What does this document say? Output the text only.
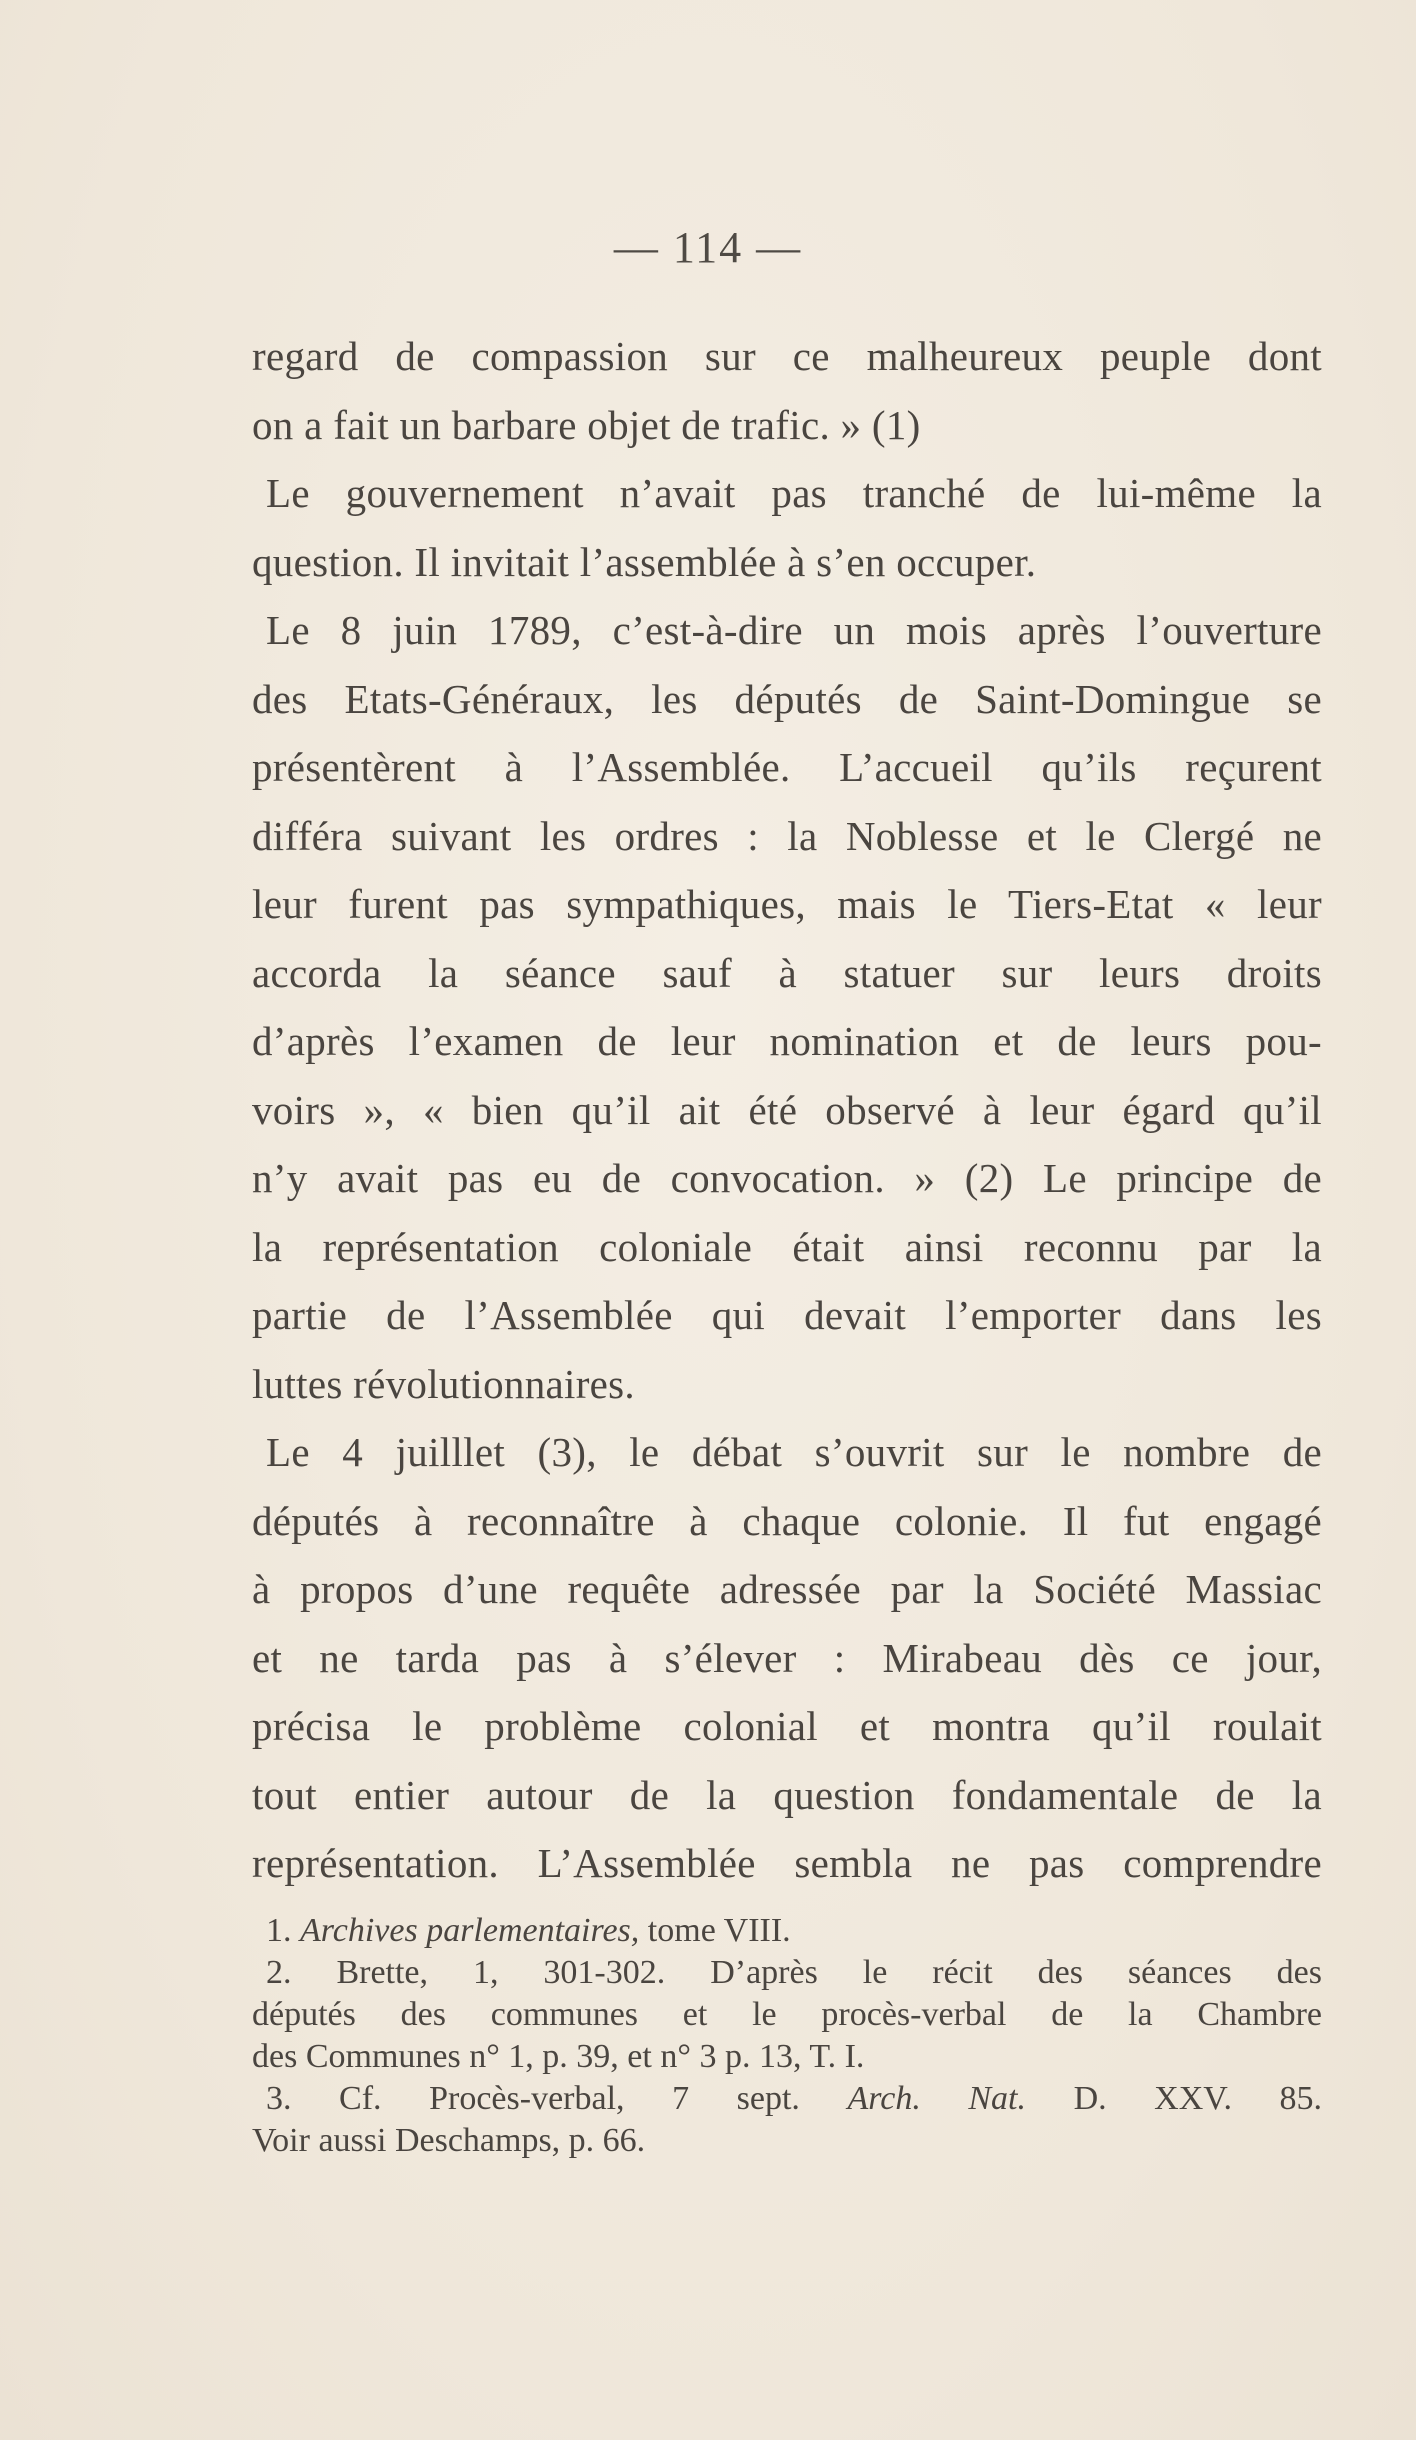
— 114 —
regard de compassion sur ce malheureux peuple dont
on a fait un barbare objet de trafic. » (1)
Le gouvernement n’avait pas tranché de lui-même la
question. Il invitait l’assemblée à s’en occuper.
Le 8 juin 1789, c’est-à-dire un mois après l’ouverture
des Etats-Généraux, les députés de Saint-Domingue se
présentèrent à l’Assemblée. L’accueil qu’ils reçurent
différa suivant les ordres : la Noblesse et le Clergé ne
leur furent pas sympathiques, mais le Tiers-Etat « leur
accorda la séance sauf à statuer sur leurs droits
d’après l’examen de leur nomination et de leurs pou-
voirs », « bien qu’il ait été observé à leur égard qu’il
n’y avait pas eu de convocation. » (2) Le principe de
la représentation coloniale était ainsi reconnu par la
partie de l’Assemblée qui devait l’emporter dans les
luttes révolutionnaires.
Le 4 juilllet (3), le débat s’ouvrit sur le nombre de
députés à reconnaître à chaque colonie. Il fut engagé
à propos d’une requête adressée par la Société Massiac
et ne tarda pas à s’élever : Mirabeau dès ce jour,
précisa le problème colonial et montra qu’il roulait
tout entier autour de la question fondamentale de la
représentation. L’Assemblée sembla ne pas comprendre
1. Archives parlementaires, tome VIII.
2. Brette, 1, 301-302. D’après le récit des séances des
députés des communes et le procès-verbal de la Chambre
des Communes n° 1, p. 39, et n° 3 p. 13, T. I.
3. Cf. Procès-verbal, 7 sept. Arch. Nat. D. XXV. 85.
Voir aussi Deschamps, p. 66.
